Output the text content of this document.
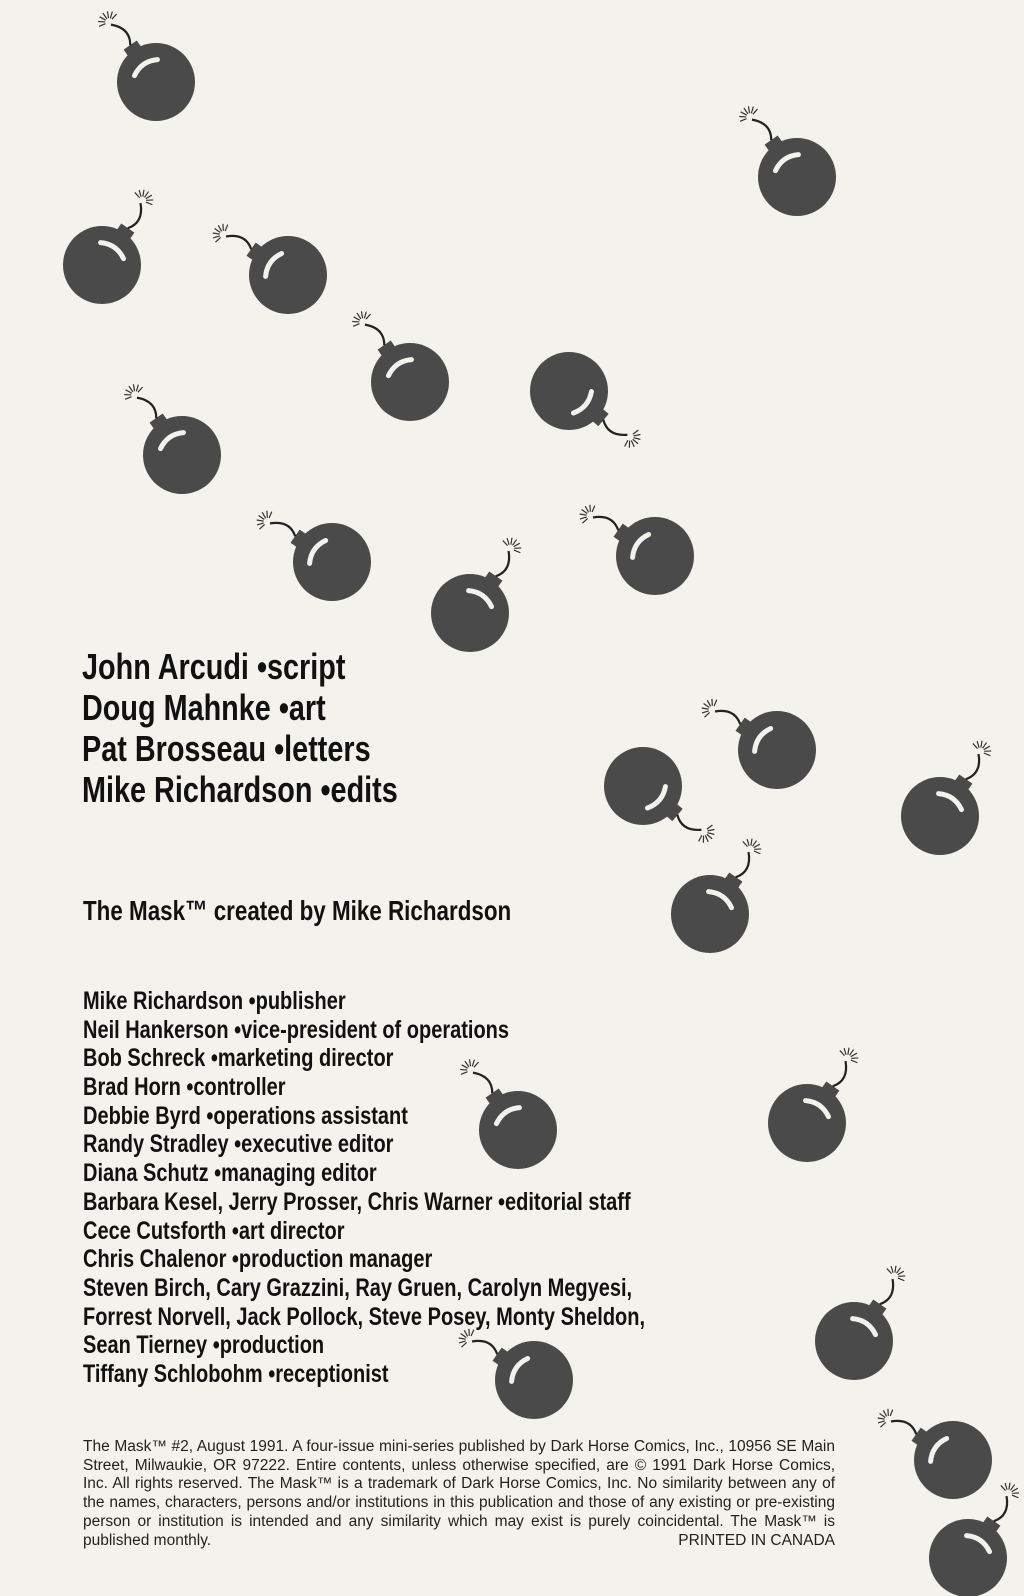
John Arcudi • script
Doug Mahnke • art
Pat Brosseau • letters
Mike Richardson • edits
The Mask™ created by Mike Richardson
Mike Richardson • publisher
Neil Hankerson • vice-president of operations
Bob Schreck • marketing director
Brad Horn • controller
Debbie Byrd • operations assistant
Randy Stradley • executive editor
Diana Schutz • managing editor
Barbara Kesel, Jerry Prosser, Chris Warner • editorial staff
Cece Cutsforth • art director
Chris Chalenor • production manager
Steven Birch, Cary Grazzini, Ray Gruen, Carolyn Megyesi,
Forrest Norvell, Jack Pollock, Steve Posey, Monty Sheldon,
Sean Tierney • production
Tiffany Schlobohm • receptionist
The Mask™ #2, August 1991. A four-issue mini-series published by Dark Horse Comics, Inc., 10956 SE Main Street, Milwaukie, OR 97222. Entire contents, unless otherwise specified, are © 1991 Dark Horse Comics, Inc. All rights reserved. The Mask™ is a trademark of Dark Horse Comics, Inc. No similarity between any of the names, characters, persons and/or institutions in this publication and those of any existing or pre-existing person or institution is intended and any similarity which may exist is purely coincidental. The Mask™ is published monthly.	PRINTED IN CANADA
